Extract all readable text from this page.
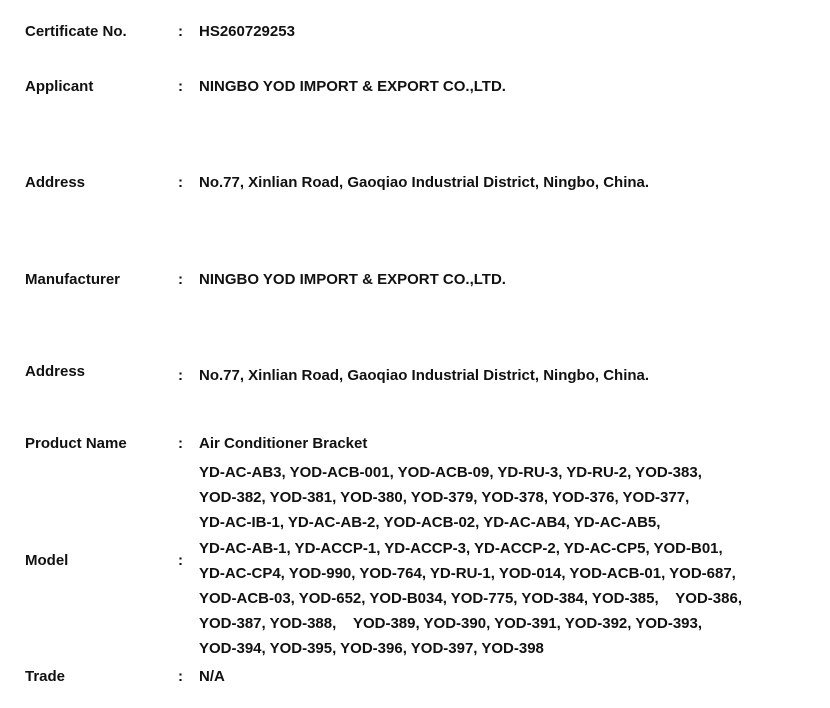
Certificate No.	: HS260729253
Applicant	: NINGBO YOD IMPORT & EXPORT CO.,LTD.
Address	: No.77, Xinlian Road, Gaoqiao Industrial District, Ningbo, China.
Manufacturer	: NINGBO YOD IMPORT & EXPORT CO.,LTD.
Address	: No.77, Xinlian Road, Gaoqiao Industrial District, Ningbo, China.
Product Name	: Air Conditioner Bracket
Model	:
YD-AC-AB3, YOD-ACB-001, YOD-ACB-09, YD-RU-3, YD-RU-2, YOD-383,
YOD-382, YOD-381, YOD-380, YOD-379, YOD-378, YOD-376, YOD-377,
YD-AC-IB-1, YD-AC-AB-2, YOD-ACB-02, YD-AC-AB4, YD-AC-AB5,
YD-AC-AB-1, YD-ACCP-1, YD-ACCP-3, YD-ACCP-2, YD-AC-CP5, YOD-B01,
YD-AC-CP4, YOD-990, YOD-764, YD-RU-1, YOD-014, YOD-ACB-01, YOD-687,
YOD-ACB-03, YOD-652, YOD-B034, YOD-775, YOD-384, YOD-385,    YOD-386,
YOD-387, YOD-388,    YOD-389, YOD-390, YOD-391, YOD-392, YOD-393,
YOD-394, YOD-395, YOD-396, YOD-397, YOD-398
Trade	: N/A
